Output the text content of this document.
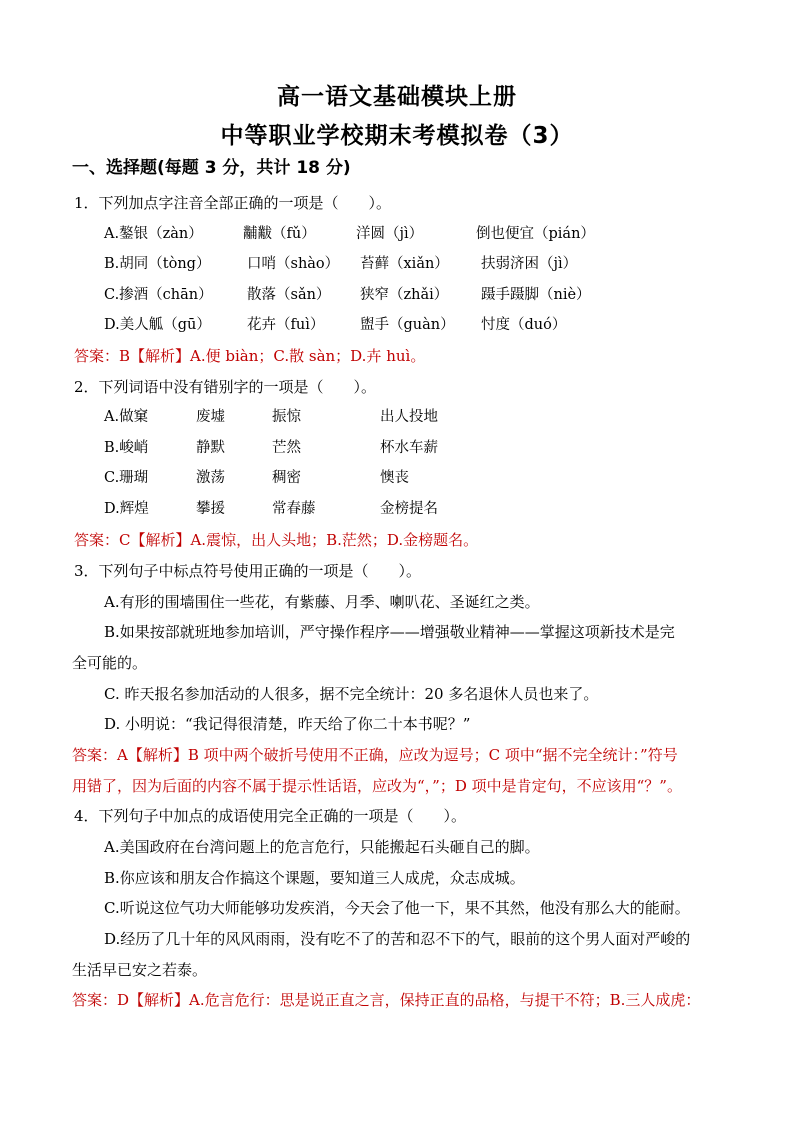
高一语文基础模块上册
中等职业学校期末考模拟卷（3）
一、选择题(每题 3 分，共计 18 分)
1．下列加点字注音全部正确的一项是（　　）。
A.鏊银（zàn）	黼黻（fǔ）	洋圆（jì）	倒也便宜（pián）
B.胡同（tòng）	口哨（shào） 苔藓（xiǎn） 扶弱济困（jì）
C.掺酒（chān） 散落（sǎn） 狭窄（zhǎi） 蹑手蹑脚（niè）
D.美人觚（gū） 花卉（fuì） 盥手（guàn） 忖度（duó）
答案：B【解析】A.便 biàn；C.散 sàn；D.卉 huì。
2．下列词语中没有错别字的一项是（　　）。
A.做窠	废墟	振惊	出人投地
B.峻峭	静默	芒然	杯水车薪
C.珊瑚	激荡	稠密	懊丧
D.辉煌	攀援	常春藤	金榜提名
答案：C【解析】A.震惊，出人头地；B.茫然；D.金榜题名。
3．下列句子中标点符号使用正确的一项是（　　）。
A.有形的围墙围住一些花，有紫藤、月季、喇叭花、圣诞红之类。
B.如果按部就班地参加培训，严守操作程序——增强敬业精神——掌握这项新技术是完
全可能的。
C. 昨天报名参加活动的人很多，据不完全统计：20 多名退休人员也来了。
D. 小明说：“我记得很清楚，昨天给了你二十本书呢？”
答案：A【解析】B 项中两个破折号使用不正确，应改为逗号；C 项中“据不完全统计：”符号
用错了，因为后面的内容不属于提示性话语，应改为“，”；D 项中是肯定句，不应该用“？”。
4．下列句子中加点的成语使用完全正确的一项是（　　）。
A.美国政府在台湾问题上的危言危行，只能搬起石头砸自己的脚。
B.你应该和朋友合作搞这个课题，要知道三人成虎，众志成城。
C.听说这位气功大师能够功发疾消，今天会了他一下，果不其然，他没有那么大的能耐。
D.经历了几十年的风风雨雨，没有吃不了的苦和忍不下的气，眼前的这个男人面对严峻的
生活早已安之若泰。
答案：D【解析】A.危言危行：思是说正直之言，保持正直的品格，与提干不符；B.三人成虎：
